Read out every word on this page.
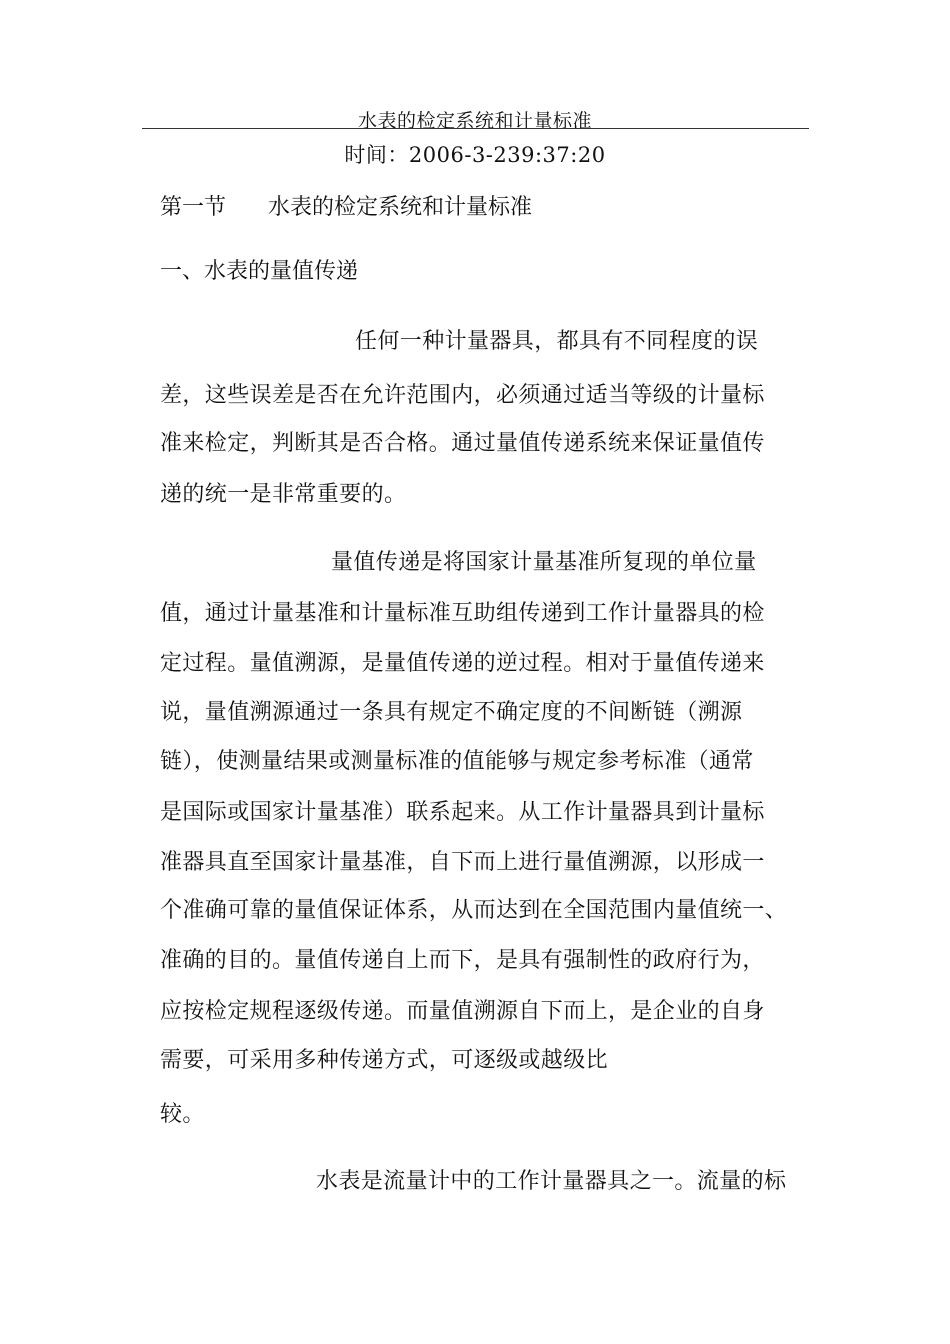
水表的检定系统和计量标准
时间：2006-3-239:37:20
第一节 水表的检定系统和计量标准
一、水表的量值传递
任何一种计量器具，都具有不同程度的误
差，这些误差是否在允许范围内，必须通过适当等级的计量标
准来检定，判断其是否合格。通过量值传递系统来保证量值传
递的统一是非常重要的。
量值传递是将国家计量基准所复现的单位量
值，通过计量基准和计量标准互助组传递到工作计量器具的检
定过程。量值溯源，是量值传递的逆过程。相对于量值传递来
说，量值溯源通过一条具有规定不确定度的不间断链（溯源
链），使测量结果或测量标准的值能够与规定参考标准（通常
是国际或国家计量基准）联系起来。从工作计量器具到计量标
准器具直至国家计量基准，自下而上进行量值溯源，以形成一
个准确可靠的量值保证体系，从而达到在全国范围内量值统一、
准确的目的。量值传递自上而下，是具有强制性的政府行为，
应按检定规程逐级传递。而量值溯源自下而上，是企业的自身
需要，可采用多种传递方式，可逐级或越级比
较。
水表是流量计中的工作计量器具之一。流量的标
